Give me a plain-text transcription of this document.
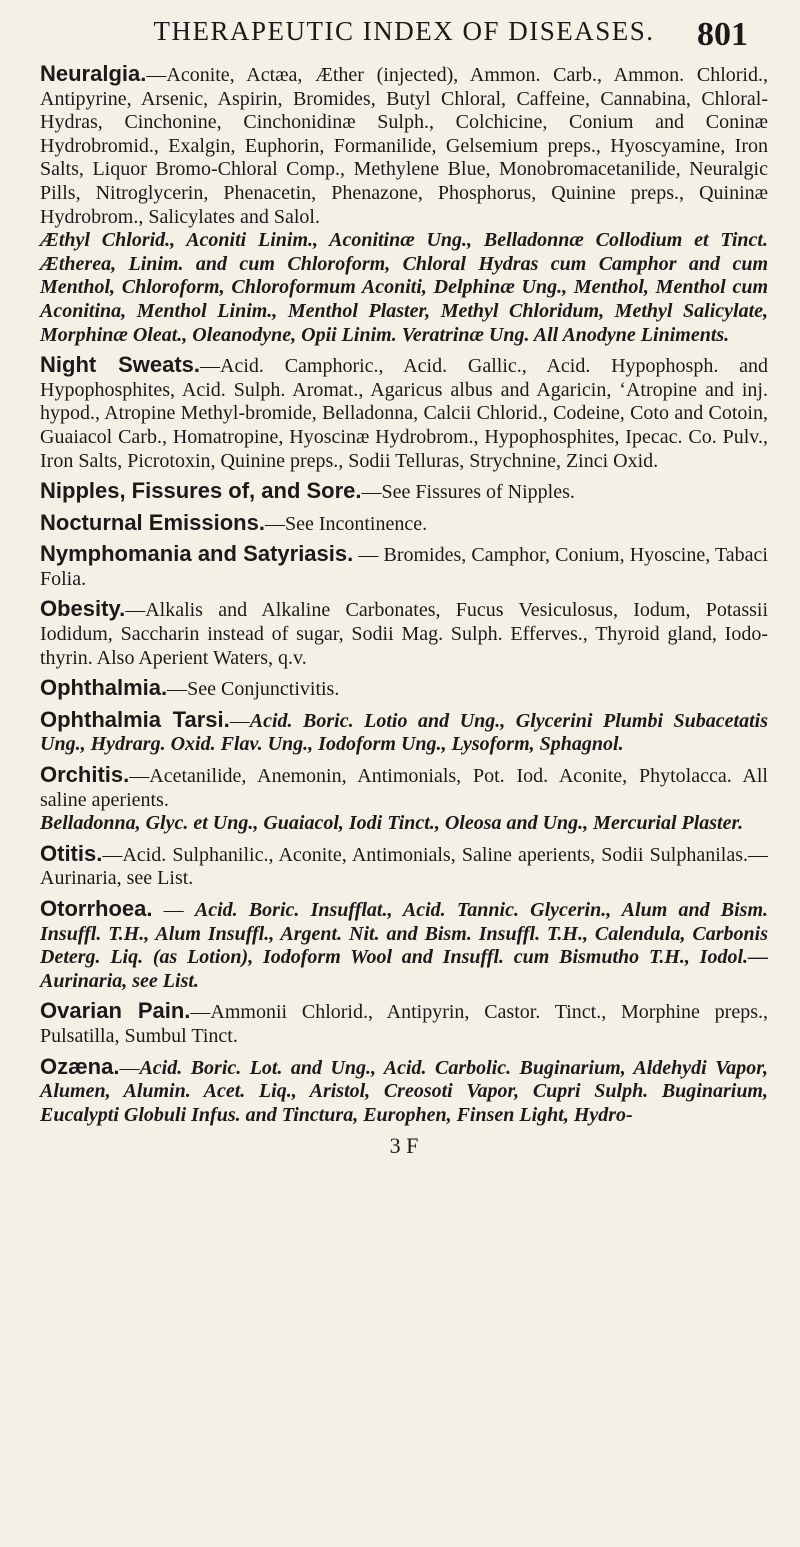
THERAPEUTIC INDEX OF DISEASES. 801

Neuralgia.—Aconite, Actæa, Æther (injected), Ammon. Carb., Ammon. Chlorid., Antipyrine, Arsenic, Aspirin, Bromides, Butyl Chloral, Caffeine, Cannabina, Chloral-Hydras, Cinchonine, Cinchonidinæ Sulph., Colchicine, Conium and Coninæ Hydrobromid., Exalgin, Euphorin, Formanilide, Gelsemium preps., Hyoscyamine, Iron Salts, Liquor Bromo-Chloral Comp., Methylene Blue, Monobromacetanilide, Neuralgic Pills, Nitroglycerin, Phenacetin, Phenazone, Phosphorus, Quinine preps., Quininæ Hydrobrom., Salicylates and Salol.
Æthyl Chlorid., Aconiti Linim., Aconitinæ Ung., Belladonnæ Collodium et Tinct. Ætherea, Linim. and cum Chloroform, Chloral Hydras cum Camphor and cum Menthol, Chloroform, Chloroformum Aconiti, Delphinæ Ung., Menthol, Menthol cum Aconitina, Menthol Linim., Menthol Plaster, Methyl Chloridum, Methyl Salicylate, Morphinæ Oleat., Oleanodyne, Opii Linim. Veratrinæ Ung. All Anodyne Liniments.

Night Sweats.—Acid. Camphoric., Acid. Gallic., Acid. Hypophosph. and Hypophosphites, Acid. Sulph. Aromat., Agaricus albus and Agaricin, ‘Atropine and inj. hypod., Atropine Methyl-bromide, Belladonna, Calcii Chlorid., Codeine, Coto and Cotoin, Guaiacol Carb., Homatropine, Hyoscinæ Hydrobrom., Hypophosphites, Ipecac. Co. Pulv., Iron Salts, Picrotoxin, Quinine preps., Sodii Telluras, Strychnine, Zinci Oxid.

Nipples, Fissures of, and Sore.—See Fissures of Nipples.

Nocturnal Emissions.—See Incontinence.

Nymphomania and Satyriasis. — Bromides, Camphor, Conium, Hyoscine, Tabaci Folia.

Obesity.—Alkalis and Alkaline Carbonates, Fucus Vesiculosus, Iodum, Potassii Iodidum, Saccharin instead of sugar, Sodii Mag. Sulph. Efferves., Thyroid gland, Iodo-thyrin. Also Aperient Waters, q.v.

Ophthalmia.—See Conjunctivitis.

Ophthalmia Tarsi.—Acid. Boric. Lotio and Ung., Glycerini Plumbi Subacetatis Ung., Hydrarg. Oxid. Flav. Ung., Iodoform Ung., Lysoform, Sphagnol.

Orchitis.—Acetanilide, Anemonin, Antimonials, Pot. Iod. Aconite, Phytolacca. All saline aperients.
Belladonna, Glyc. et Ung., Guaiacol, Iodi Tinct., Oleosa and Ung., Mercurial Plaster.

Otitis.—Acid. Sulphanilic., Aconite, Antimonials, Saline aperients, Sodii Sulphanilas.—Aurinaria, see List.

Otorrhoea. — Acid. Boric. Insufflat., Acid. Tannic. Glycerin., Alum and Bism. Insuffl. T.H., Alum Insuffl., Argent. Nit. and Bism. Insuffl. T.H., Calendula, Carbonis Deterg. Liq. (as Lotion), Iodoform Wool and Insuffl. cum Bismutho T.H., Iodol.—Aurinaria, see List.

Ovarian Pain.—Ammonii Chlorid., Antipyrin, Castor. Tinct., Morphine preps., Pulsatilla, Sumbul Tinct.

Ozæna.—Acid. Boric. Lot. and Ung., Acid. Carbolic. Buginarium, Aldehydi Vapor, Alumen, Alumin. Acet. Liq., Aristol, Creosoti Vapor, Cupri Sulph. Buginarium, Eucalypti Globuli Infus. and Tinctura, Europhen, Finsen Light, Hydro-

3 F
